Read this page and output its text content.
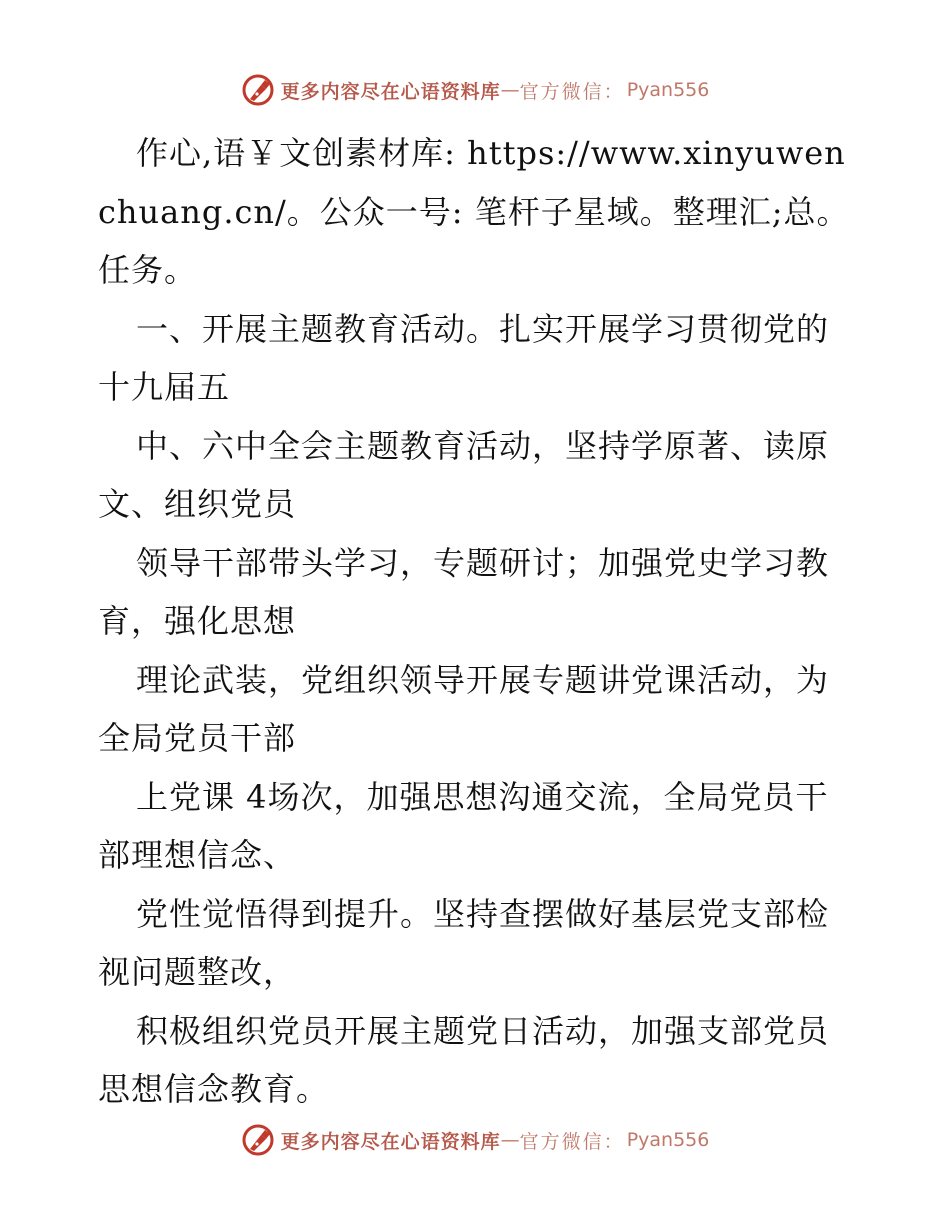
更多内容尽在心语资料库 — 官方微信： Pyan556

作心,语￥文创素材库: https://www.xinyuwenchuang.cn/。公众一号: 笔杆子星域。整理汇;总。任务。

一、开展主题教育活动。扎实开展学习贯彻党的十九届五

中、六中全会主题教育活动，坚持学原著、读原文、组织党员

领导干部带头学习，专题研讨；加强党史学习教育，强化思想

理论武装，党组织领导开展专题讲党课活动，为全局党员干部

上党课 4场次，加强思想沟通交流，全局党员干部理想信念、

党性觉悟得到提升。坚持查摆做好基层党支部检视问题整改，

积极组织党员开展主题党日活动，加强支部党员思想信念教育。

更多内容尽在心语资料库 — 官方微信： Pyan556
